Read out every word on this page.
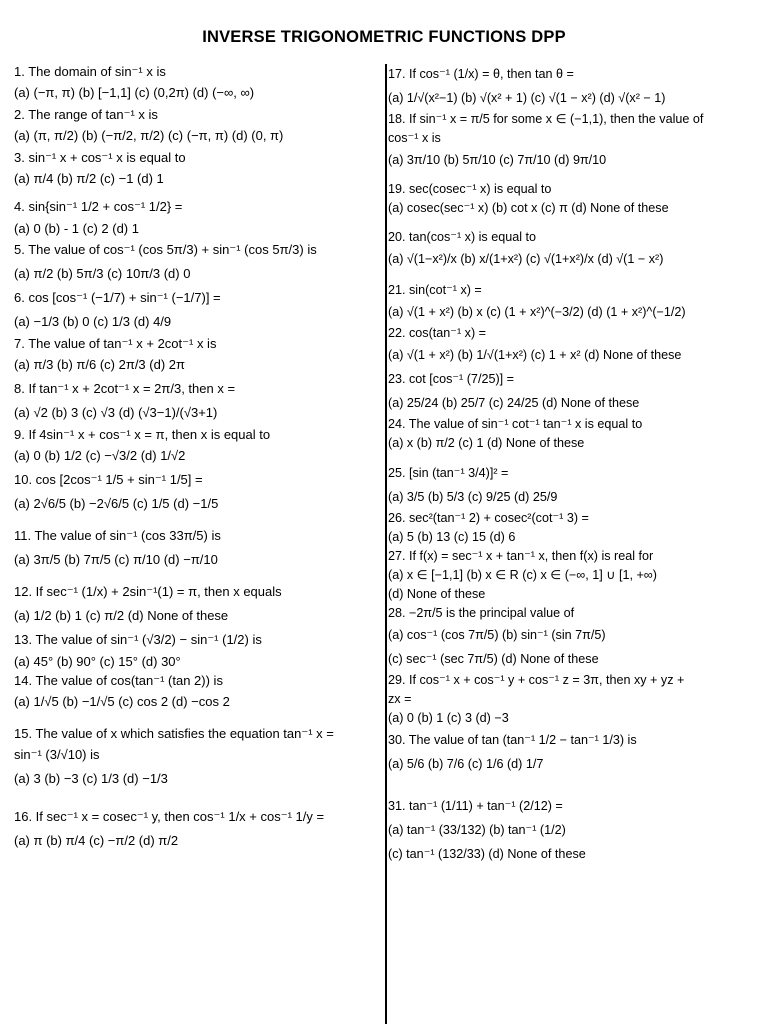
INVERSE TRIGONOMETRIC FUNCTIONS DPP
1. The domain of sin⁻¹ x is
(a) (−π, π) (b) [−1,1] (c) (0,2π) (d) (−∞, ∞)
2. The range of tan⁻¹ x is
(a) (π, π/2) (b) (−π/2, π/2) (c) (−π, π) (d) (0, π)
3. sin⁻¹ x + cos⁻¹ x is equal to
(a) π/4 (b) π/2 (c) −1 (d) 1
4. sin{sin⁻¹ 1/2 + cos⁻¹ 1/2} =
(a) 0 (b) - 1 (c) 2 (d) 1
5. The value of cos⁻¹ (cos 5π/3) + sin⁻¹ (cos 5π/3) is
(a) π/2 (b) 5π/3 (c) 10π/3 (d) 0
6. cos [cos⁻¹ (−1/7) + sin⁻¹ (−1/7)] =
(a) −1/3 (b) 0 (c) 1/3 (d) 4/9
7. The value of tan⁻¹ x + 2cot⁻¹ x is
(a) π/3 (b) π/6 (c) 2π/3 (d) 2π
8. If tan⁻¹ x + 2cot⁻¹ x = 2π/3, then x =
(a) √2 (b) 3 (c) √3 (d) (√3−1)/(√3+1)
9. If 4sin⁻¹ x + cos⁻¹ x = π, then x is equal to
(a) 0 (b) 1/2 (c) −√3/2 (d) 1/√2
10. cos [2cos⁻¹ 1/5 + sin⁻¹ 1/5] =
(a) 2√6/5 (b) −2√6/5 (c) 1/5 (d) −1/5
11. The value of sin⁻¹ (cos 33π/5) is
(a) 3π/5 (b) 7π/5 (c) π/10 (d) −π/10
12. If sec⁻¹ (1/x) + 2sin⁻¹(1) = π, then x equals
(a) 1/2 (b) 1 (c) π/2 (d) None of these
13. The value of sin⁻¹ (√3/2) − sin⁻¹ (1/2) is
(a) 45° (b) 90° (c) 15° (d) 30°
14. The value of cos(tan⁻¹ (tan 2)) is
(a) 1/√5 (b) −1/√5 (c) cos 2 (d) −cos 2
15. The value of x which satisfies the equation tan⁻¹ x =
sin⁻¹ (3/√10) is
(a) 3 (b) −3 (c) 1/3 (d) −1/3
16. If sec⁻¹ x = cosec⁻¹ y, then cos⁻¹ 1/x + cos⁻¹ 1/y =
(a) π (b) π/4 (c) −π/2 (d) π/2
17. If cos⁻¹ (1/x) = θ, then tan θ =
(a) 1/√(x²−1) (b) √(x² + 1) (c) √(1 − x²) (d) √(x² − 1)
18. If sin⁻¹ x = π/5 for some x ∈ (−1,1), then the value of
cos⁻¹ x is
(a) 3π/10 (b) 5π/10 (c) 7π/10 (d) 9π/10
19. sec(cosec⁻¹ x) is equal to
(a) cosec(sec⁻¹ x) (b) cot x (c) π (d) None of these
20. tan(cos⁻¹ x) is equal to
(a) √(1−x²)/x (b) x/(1+x²) (c) √(1+x²)/x (d) √(1 − x²)
21. sin(cot⁻¹ x) =
(a) √(1 + x²) (b) x (c) (1 + x²)^(−3/2) (d) (1 + x²)^(−1/2)
22. cos(tan⁻¹ x) =
(a) √(1 + x²) (b) 1/√(1+x²) (c) 1 + x² (d) None of these
23. cot [cos⁻¹ (7/25)] =
(a) 25/24 (b) 25/7 (c) 24/25 (d) None of these
24. The value of sin⁻¹ cot⁻¹ tan⁻¹ x is equal to
(a) x (b) π/2 (c) 1 (d) None of these
25. [sin (tan⁻¹ 3/4)]² =
(a) 3/5 (b) 5/3 (c) 9/25 (d) 25/9
26. sec²(tan⁻¹ 2) + cosec²(cot⁻¹ 3) =
(a) 5 (b) 13 (c) 15 (d) 6
27. If f(x) = sec⁻¹ x + tan⁻¹ x, then f(x) is real for
(a) x ∈ [−1,1] (b) x ∈ R (c) x ∈ (−∞, 1] ∪ [1, +∞)
(d) None of these
28. −2π/5 is the principal value of
(a) cos⁻¹ (cos 7π/5) (b) sin⁻¹ (sin 7π/5)
(c) sec⁻¹ (sec 7π/5) (d) None of these
29. If cos⁻¹ x + cos⁻¹ y + cos⁻¹ z = 3π, then xy + yz +
zx =
(a) 0 (b) 1 (c) 3 (d) −3
30. The value of tan (tan⁻¹ 1/2 − tan⁻¹ 1/3) is
(a) 5/6 (b) 7/6 (c) 1/6 (d) 1/7
31. tan⁻¹ (1/11) + tan⁻¹ (2/12) =
(a) tan⁻¹ (33/132) (b) tan⁻¹ (1/2)
(c) tan⁻¹ (132/33) (d) None of these
